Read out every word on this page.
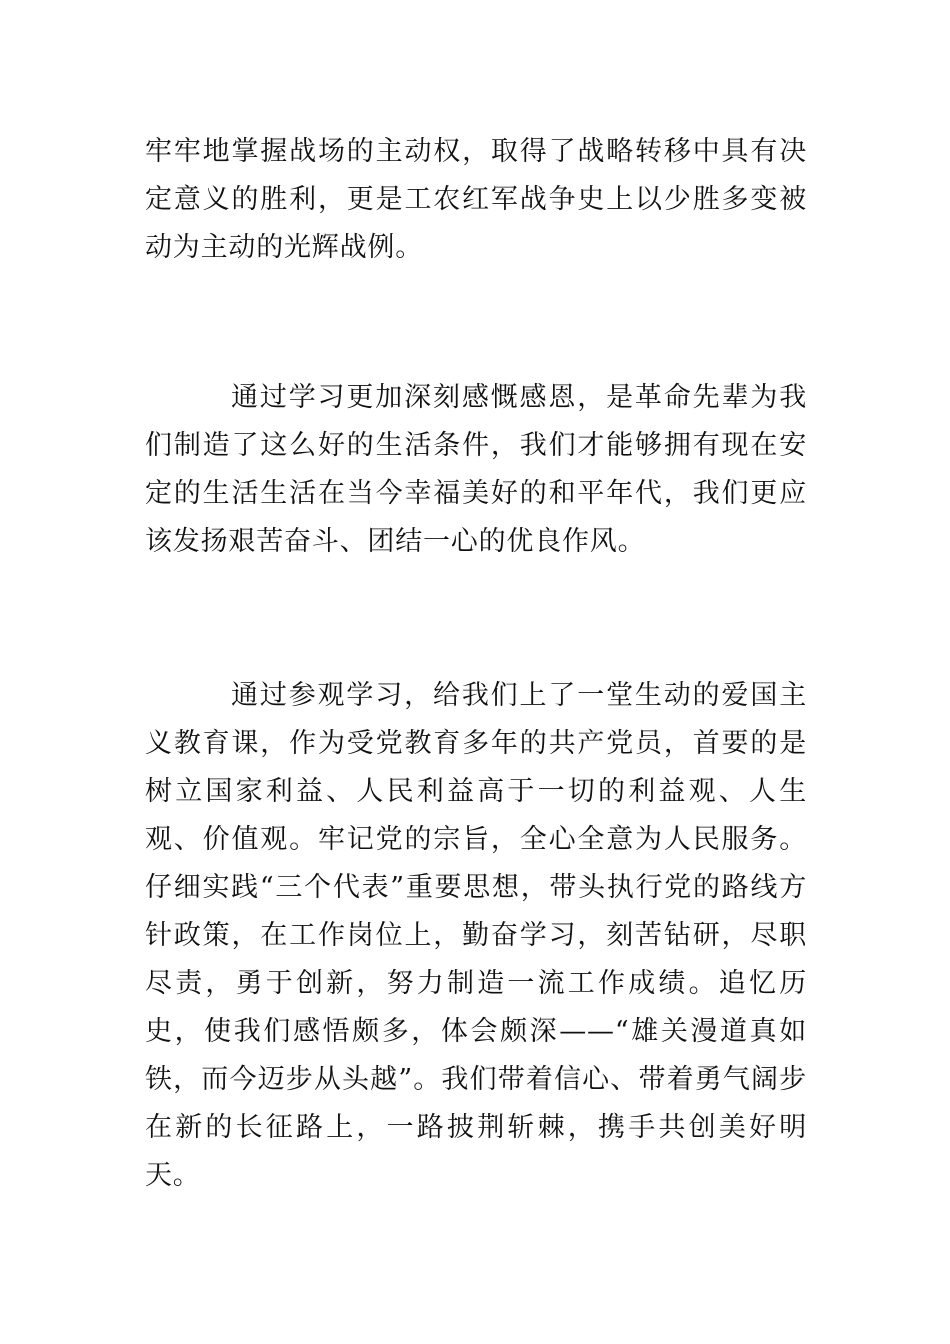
牢牢地掌握战场的主动权，取得了战略转移中具有决定意义的胜利，更是工农红军战争史上以少胜多变被动为主动的光辉战例。

通过学习更加深刻感慨感恩，是革命先辈为我们制造了这么好的生活条件，我们才能够拥有现在安定的生活生活在当今幸福美好的和平年代，我们更应该发扬艰苦奋斗、团结一心的优良作风。

通过参观学习，给我们上了一堂生动的爱国主义教育课，作为受党教育多年的共产党员，首要的是树立国家利益、人民利益高于一切的利益观、人生观、价值观。牢记党的宗旨，全心全意为人民服务。仔细实践“三个代表”重要思想，带头执行党的路线方针政策，在工作岗位上，勤奋学习，刻苦钻研，尽职尽责，勇于创新，努力制造一流工作成绩。追忆历史，使我们感悟颇多，体会颇深——“雄关漫道真如铁，而今迈步从头越”。我们带着信心、带着勇气阔步在新的长征路上，一路披荆斩棘，携手共创美好明天。
